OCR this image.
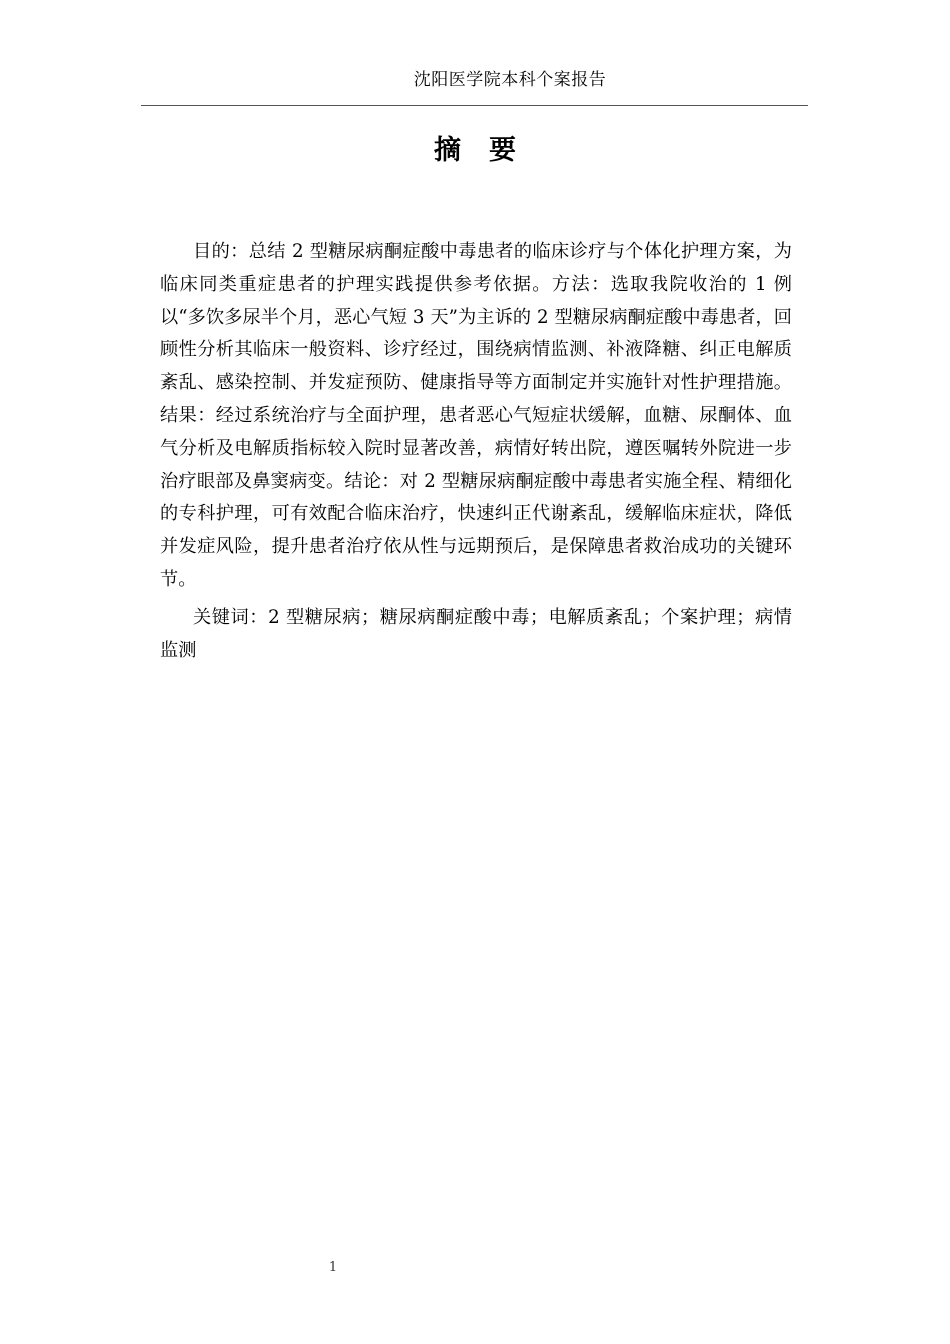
沈阳医学院本科个案报告
摘要

目的：总结 2 型糖尿病酮症酸中毒患者的临床诊疗与个体化护理方案，为临床同类重症患者的护理实践提供参考依据。方法：选取我院收治的 1 例以“多饮多尿半个月，恶心气短 3 天”为主诉的 2 型糖尿病酮症酸中毒患者，回顾性分析其临床一般资料、诊疗经过，围绕病情监测、补液降糖、纠正电解质紊乱、感染控制、并发症预防、健康指导等方面制定并实施针对性护理措施。结果：经过系统治疗与全面护理，患者恶心气短症状缓解，血糖、尿酮体、血气分析及电解质指标较入院时显著改善，病情好转出院，遵医嘱转外院进一步治疗眼部及鼻窦病变。结论：对 2 型糖尿病酮症酸中毒患者实施全程、精细化的专科护理，可有效配合临床治疗，快速纠正代谢紊乱，缓解临床症状，降低并发症风险，提升患者治疗依从性与远期预后，是保障患者救治成功的关键环节。

关键词：2 型糖尿病；糖尿病酮症酸中毒；电解质紊乱；个案护理；病情监测

1
